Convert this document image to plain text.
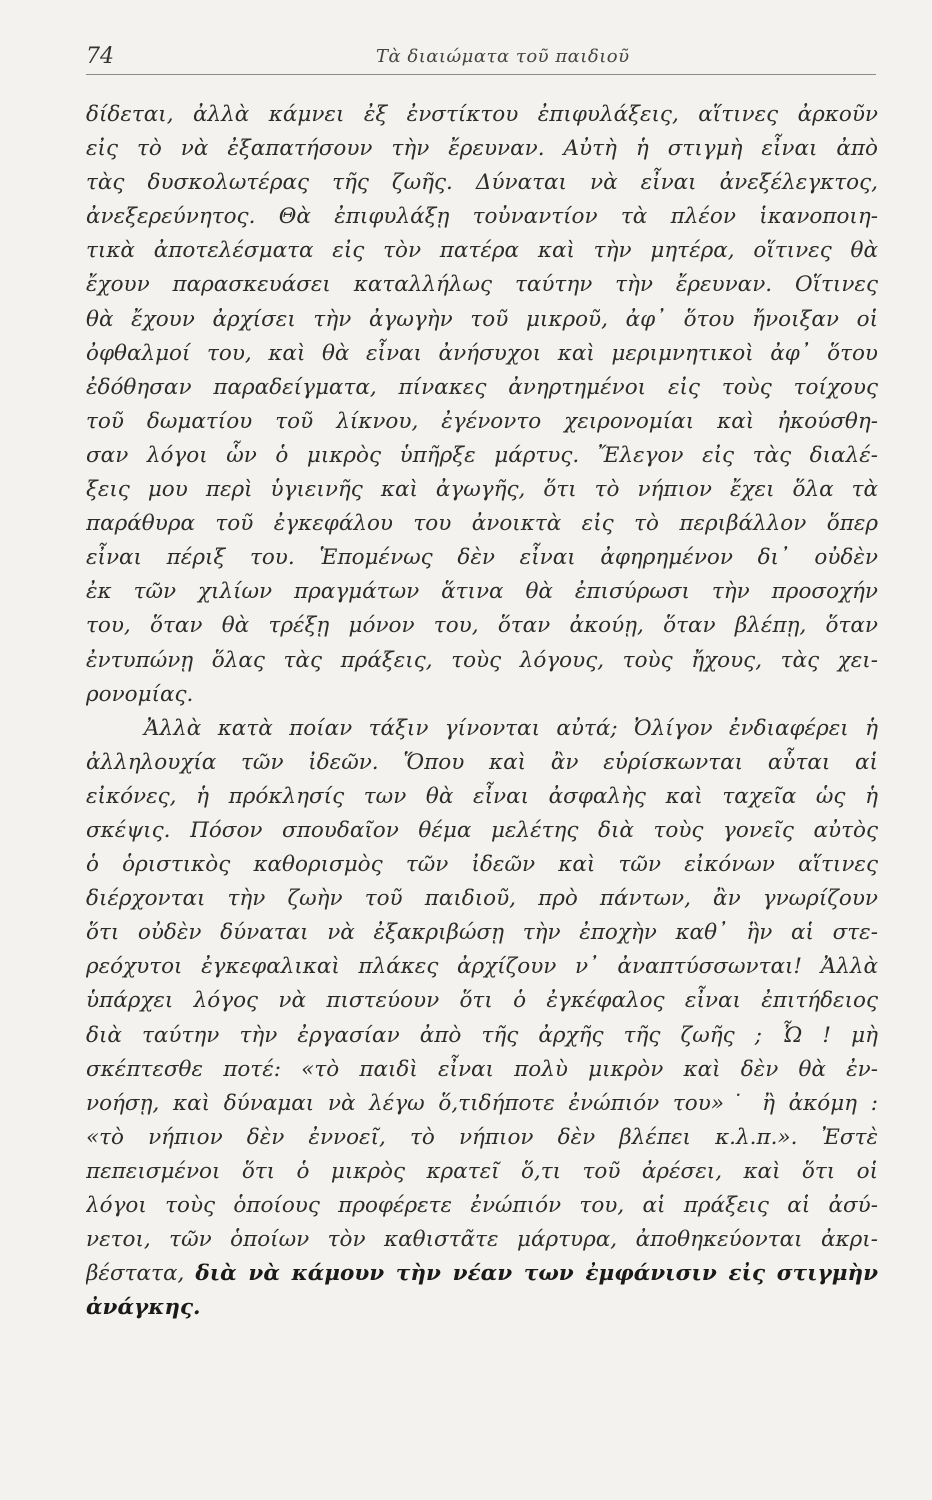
74	Τὰ διαιώματα τοῦ παιδιοῦ
δίδεται, ἀλλὰ κάμνει ἐξ ἐνστίκτου ἐπιφυλάξεις, αἵτινες ἀρκοῦν
εἰς τὸ νὰ ἐξαπατήσουν τὴν ἔρευναν. Αὐτὴ ἡ στιγμὴ εἶναι ἀπὸ
τὰς δυσκολωτέρας τῆς ζωῆς. Δύναται νὰ εἶναι ἀνεξέλεγκτος,
ἀνεξερεύνητος. Θὰ ἐπιφυλάξῃ τοὐναντίον τὰ πλέον ἱκανοποιη-
τικὰ ἀποτελέσματα εἰς τὸν πατέρα καὶ τὴν μητέρα, οἵτινες θὰ
ἔχουν παρασκευάσει καταλλήλως ταύτην τὴν ἔρευναν. Οἵτινες
θὰ ἔχουν ἀρχίσει τὴν ἀγωγὴν τοῦ μικροῦ, ἀφ᾽ ὅτου ἤνοιξαν οἱ
ὀφθαλμοί του, καὶ θὰ εἶναι ἀνήσυχοι καὶ μεριμνητικοὶ ἀφ᾽ ὅτου
ἐδόθησαν παραδείγματα, πίνακες ἀνηρτημένοι εἰς τοὺς τοίχους
τοῦ δωματίου τοῦ λίκνου, ἐγένοντο χειρονομίαι καὶ ἠκούσθη-
σαν λόγοι ὧν ὁ μικρὸς ὑπῆρξε μάρτυς. Ἔλεγον εἰς τὰς διαλέ-
ξεις μου περὶ ὑγιεινῆς καὶ ἀγωγῆς, ὅτι τὸ νήπιον ἔχει ὅλα τὰ
παράθυρα τοῦ ἐγκεφάλου του ἀνοικτὰ εἰς τὸ περιβάλλον ὅπερ
εἶναι πέριξ του. Ἑπομένως δὲν εἶναι ἀφηρημένον δι᾽ οὐδὲν
ἐκ τῶν χιλίων πραγμάτων ἅτινα θὰ ἐπισύρωσι τὴν προσοχήν
του, ὅταν θὰ τρέξῃ μόνον του, ὅταν ἀκούῃ, ὅταν βλέπῃ, ὅταν
ἐντυπώνῃ ὅλας τὰς πράξεις, τοὺς λόγους, τοὺς ἤχους, τὰς χει-
ρονομίας.
Ἀλλὰ κατὰ ποίαν τάξιν γίνονται αὐτά; Ὀλίγον ἐνδιαφέρει ἡ
ἀλληλουχία τῶν ἰδεῶν. Ὅπου καὶ ἂν εὑρίσκωνται αὗται αἱ
εἰκόνες, ἡ πρόκλησίς των θὰ εἶναι ἀσφαλὴς καὶ ταχεῖα ὡς ἡ
σκέψις. Πόσον σπουδαῖον θέμα μελέτης διὰ τοὺς γονεῖς αὐτὸς
ὁ ὁριστικὸς καθορισμὸς τῶν ἰδεῶν καὶ τῶν εἰκόνων αἵτινες
διέρχονται τὴν ζωὴν τοῦ παιδιοῦ, πρὸ πάντων, ἂν γνωρίζουν
ὅτι οὐδὲν δύναται νὰ ἐξακριβώσῃ τὴν ἐποχὴν καθ᾽ ἣν αἱ στε-
ρεόχυτοι ἐγκεφαλικαὶ πλάκες ἀρχίζουν ν᾽ ἀναπτύσσωνται! Ἀλλὰ
ὑπάρχει λόγος νὰ πιστεύουν ὅτι ὁ ἐγκέφαλος εἶναι ἐπιτήδειος
διὰ ταύτην τὴν ἐργασίαν ἀπὸ τῆς ἀρχῆς τῆς ζωῆς ; Ὦ ! μὴ
σκέπτεσθε ποτέ: «τὸ παιδὶ εἶναι πολὺ μικρὸν καὶ δὲν θὰ ἐν-
νοήσῃ, καὶ δύναμαι νὰ λέγω ὅ,τιδήποτε ἐνώπιόν του»˙ ἢ ἀκόμη :
«τὸ νήπιον δὲν ἐννοεῖ, τὸ νήπιον δὲν βλέπει κ.λ.π.». Ἐστὲ
πεπεισμένοι ὅτι ὁ μικρὸς κρατεῖ ὅ,τι τοῦ ἀρέσει, καὶ ὅτι οἱ
λόγοι τοὺς ὁποίους προφέρετε ἐνώπιόν του, αἱ πράξεις αἱ ἀσύ-
νετοι, τῶν ὁποίων τὸν καθιστᾶτε μάρτυρα, ἀποθηκεύονται ἀκρι-
βέστατα, διὰ νὰ κάμουν τὴν νέαν των ἐμφάνισιν εἰς στιγμὴν
ἀνάγκης.
